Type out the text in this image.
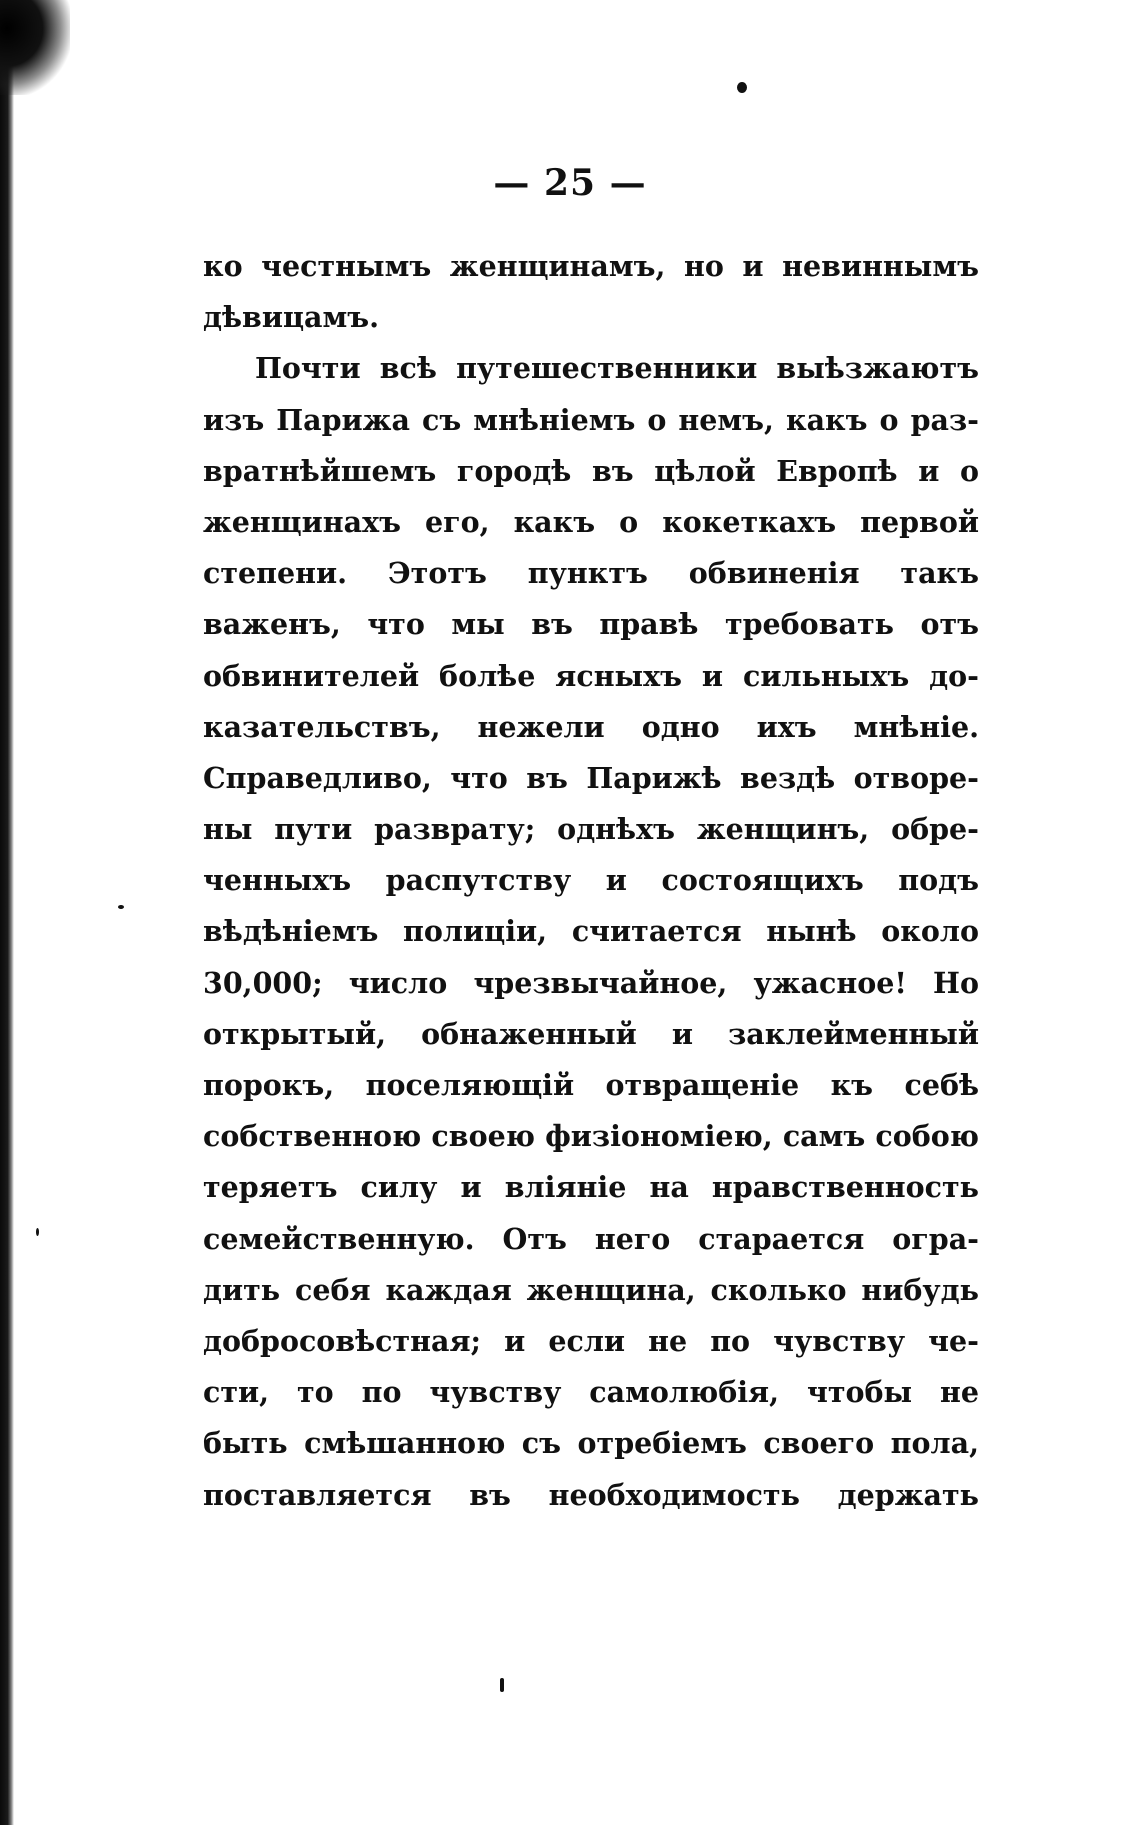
— 25 —
ко честнымъ женщинамъ, но и невиннымъ
дѣвицамъ.
Почти всѣ путешественники выѣзжаютъ
изъ Парижа съ мнѣніемъ о немъ, какъ о раз-
вратнѣйшемъ городѣ въ цѣлой Европѣ и о
женщинахъ его, какъ о кокеткахъ первой
степени. Этотъ пунктъ обвиненія такъ
важенъ, что мы въ правѣ требовать отъ
обвинителей болѣе ясныхъ и сильныхъ до-
казательствъ, нежели одно ихъ мнѣніе.
Справедливо, что въ Парижѣ вездѣ отворе-
ны пути разврату; однѣхъ женщинъ, обре-
ченныхъ распутству и состоящихъ подъ
вѣдѣніемъ полиціи, считается нынѣ около
30,000; число чрезвычайное, ужасное! Но
открытый, обнаженный и заклейменный
порокъ, поселяющій отвращеніе къ себѣ
собственною своею физіономіею, самъ собою
теряетъ силу и вліяніе на нравственность
семейственную. Отъ него старается огра-
дить себя каждая женщина, сколько нибудь
добросовѣстная; и если не по чувству че-
сти, то по чувству самолюбія, чтобы не
быть смѣшанною съ отребіемъ своего пола,
поставляется въ необходимость держать
